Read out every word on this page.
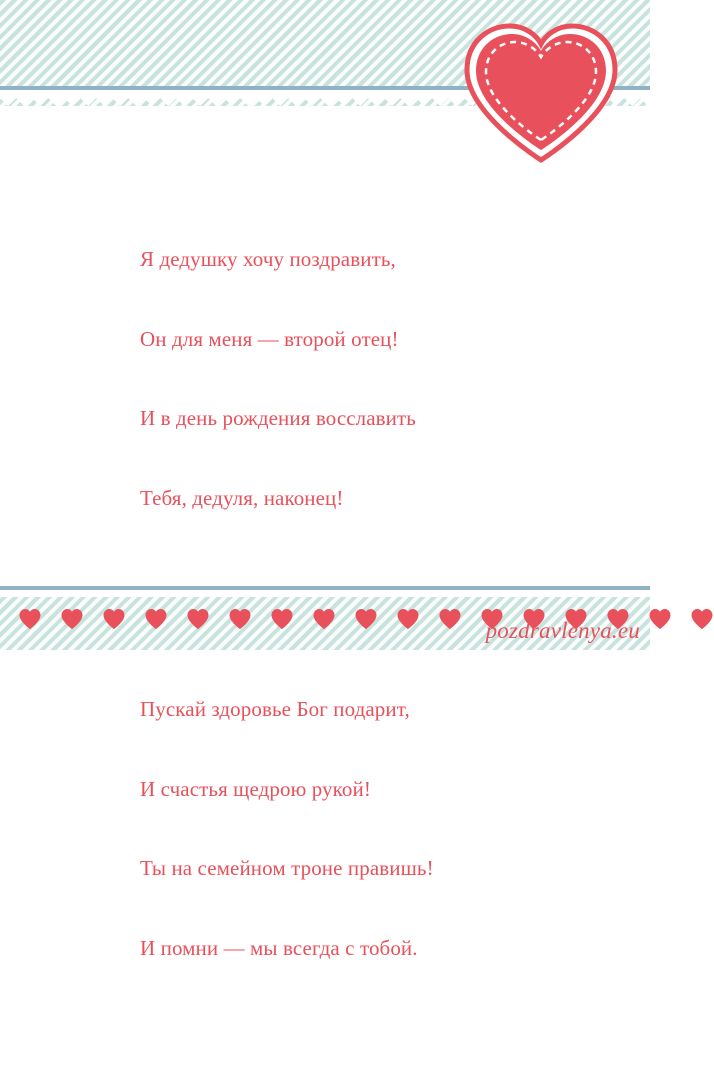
Я дедушку хочу поздравить,

Он для меня — второй отец!

И в день рождения восславить

Тебя, дедуля, наконец!

Пускай здоровье Бог подарит,

И счастья щедрою рукой!

Ты на семейном троне правишь!

И помни — мы всегда с тобой.

pozdravlenya.eu
